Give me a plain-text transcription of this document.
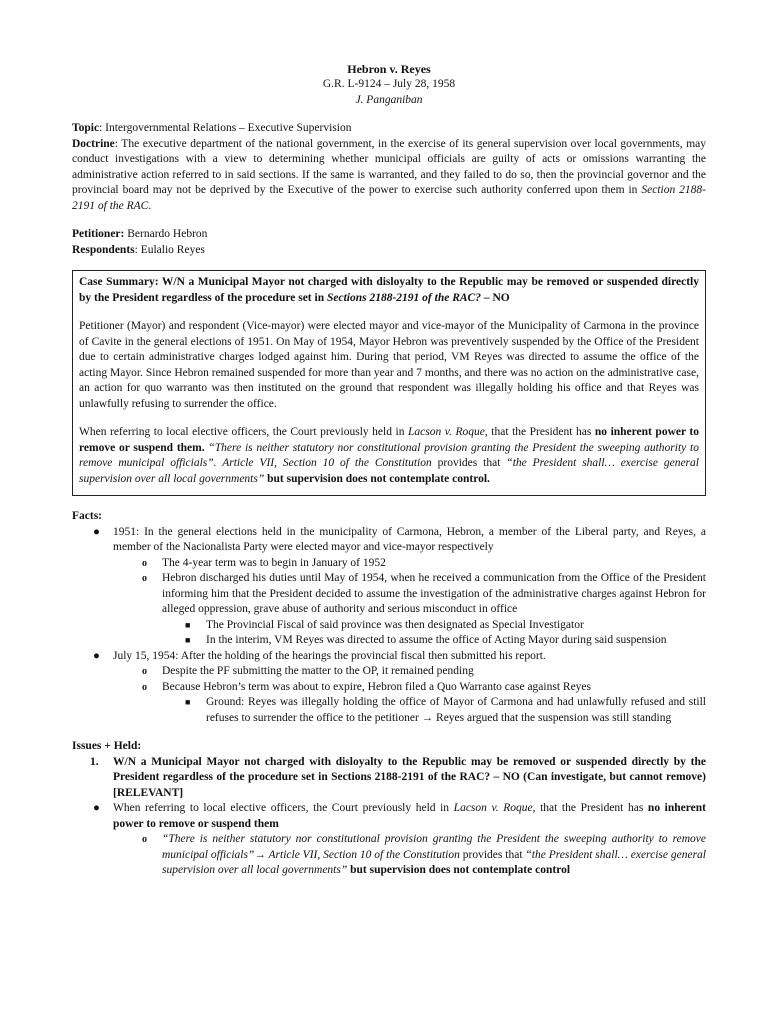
Hebron v. Reyes
G.R. L-9124 – July 28, 1958
J. Panganiban

Topic: Intergovernmental Relations – Executive Supervision

Doctrine: The executive department of the national government, in the exercise of its general supervision over local governments, may conduct investigations with a view to determining whether municipal officials are guilty of acts or omissions warranting the administrative action referred to in said sections. If the same is warranted, and they failed to do so, then the provincial governor and the provincial board may not be deprived by the Executive of the power to exercise such authority conferred upon them in Section 2188-2191 of the RAC.

Petitioner: Bernardo Hebron

Respondents: Eulalio Reyes

Case Summary: W/N a Municipal Mayor not charged with disloyalty to the Republic may be removed or suspended directly by the President regardless of the procedure set in Sections 2188-2191 of the RAC? – NO

Petitioner (Mayor) and respondent (Vice-mayor) were elected mayor and vice-mayor of the Municipality of Carmona in the province of Cavite in the general elections of 1951. On May of 1954, Mayor Hebron was preventively suspended by the Office of the President due to certain administrative charges lodged against him. During that period, VM Reyes was directed to assume the office of the acting Mayor. Since Hebron remained suspended for more than year and 7 months, and there was no action on the administrative case, an action for quo warranto was then instituted on the ground that respondent was illegally holding his office and that Reyes was unlawfully refusing to surrender the office.

When referring to local elective officers, the Court previously held in Lacson v. Roque, that the President has no inherent power to remove or suspend them. “There is neither statutory nor constitutional provision granting the President the sweeping authority to remove municipal officials”. Article VII, Section 10 of the Constitution provides that “the President shall… exercise general supervision over all local governments” but supervision does not contemplate control.

Facts:

● 1951: In the general elections held in the municipality of Carmona, Hebron, a member of the Liberal party, and Reyes, a member of the Nacionalista Party were elected mayor and vice-mayor respectively
o The 4-year term was to begin in January of 1952
o Hebron discharged his duties until May of 1954, when he received a communication from the Office of the President informing him that the President decided to assume the investigation of the administrative charges against Hebron for alleged oppression, grave abuse of authority and serious misconduct in office
■ The Provincial Fiscal of said province was then designated as Special Investigator
■ In the interim, VM Reyes was directed to assume the office of Acting Mayor during said suspension
● July 15, 1954: After the holding of the hearings the provincial fiscal then submitted his report.
o Despite the PF submitting the matter to the OP, it remained pending
o Because Hebron’s term was about to expire, Hebron filed a Quo Warranto case against Reyes
■ Ground: Reyes was illegally holding the office of Mayor of Carmona and had unlawfully refused and still refuses to surrender the office to the petitioner → Reyes argued that the suspension was still standing

Issues + Held:

1. W/N a Municipal Mayor not charged with disloyalty to the Republic may be removed or suspended directly by the President regardless of the procedure set in Sections 2188-2191 of the RAC? – NO (Can investigate, but cannot remove) [RELEVANT]
● When referring to local elective officers, the Court previously held in Lacson v. Roque, that the President has no inherent power to remove or suspend them
o “There is neither statutory nor constitutional provision granting the President the sweeping authority to remove municipal officials”→ Article VII, Section 10 of the Constitution provides that “the President shall… exercise general supervision over all local governments” but supervision does not contemplate control
